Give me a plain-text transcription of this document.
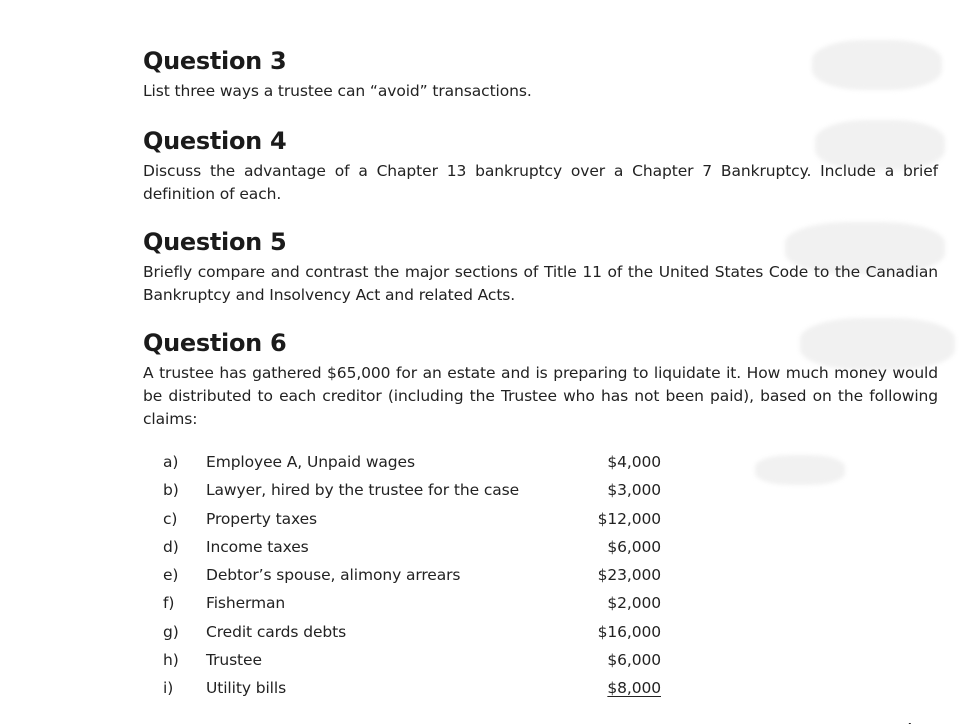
Question 3

List three ways a trustee can “avoid” transactions.

Question 4

Discuss the advantage of a Chapter 13 bankruptcy over a Chapter 7 Bankruptcy. Include a brief definition of each.

Question 5

Briefly compare and contrast the major sections of Title 11 of the United States Code to the Canadian Bankruptcy and Insolvency Act and related Acts.

Question 6

A trustee has gathered $65,000 for an estate and is preparing to liquidate it. How much money would be distributed to each creditor (including the Trustee who has not been paid), based on the following claims:

a)	Employee A, Unpaid wages	$4,000
b)	Lawyer, hired by the trustee for the case	$3,000
c)	Property taxes	$12,000
d)	Income taxes	$6,000
e)	Debtor’s spouse, alimony arrears	$23,000
f)	Fisherman	$2,000
g)	Credit cards debts	$16,000
h)	Trustee	$6,000
i)	Utility bills	$8,000
